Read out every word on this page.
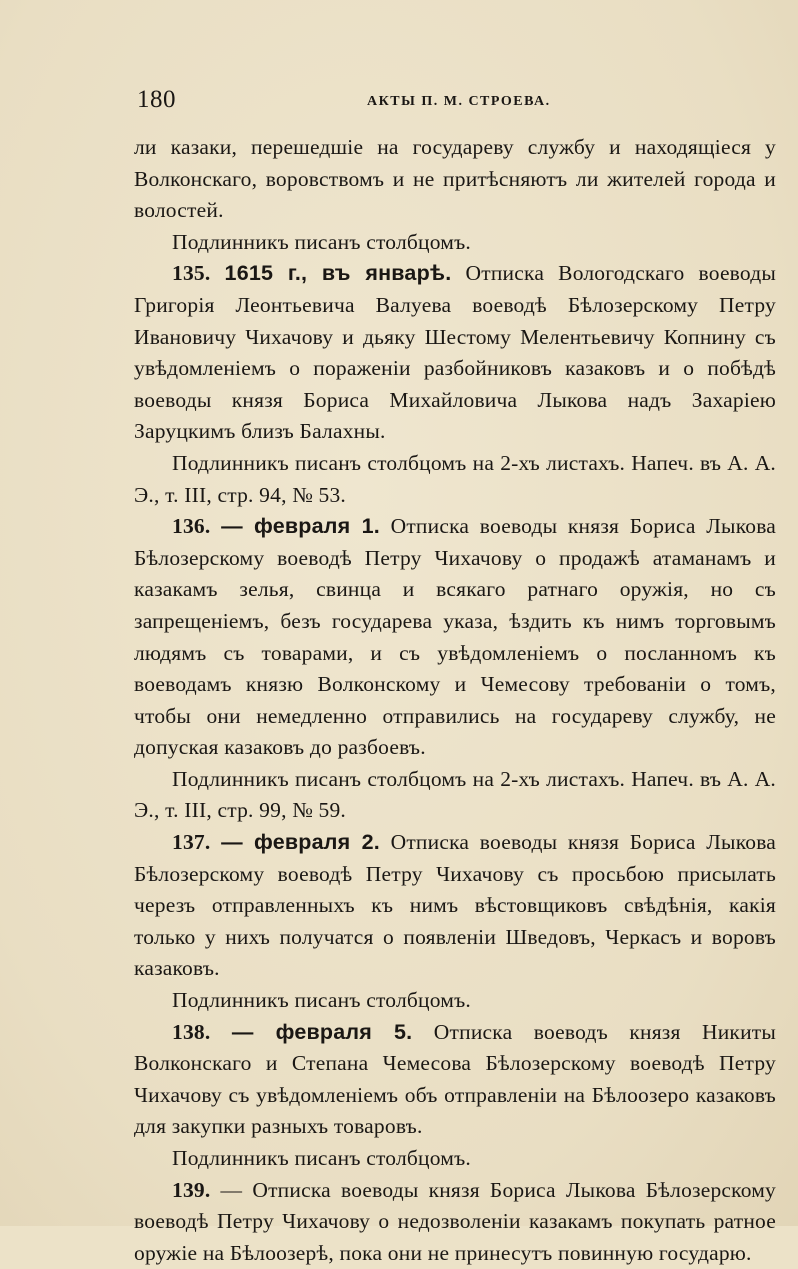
180	АКТЫ П. М. СТРОЕВА.

ли казаки, перешедшіе на государеву службу и находящіеся у Волконскаго, воровствомъ и не притѣсняютъ ли жителей города и волостей.

Подлинникъ писанъ столбцомъ.

135. 1615 г., въ январѣ. Отписка Вологодскаго воеводы Григорія Леонтьевича Валуева воеводѣ Бѣлозерскому Петру Ивановичу Чихачову и дьяку Шестому Мелентьевичу Копнину съ увѣдомленіемъ о пораженіи разбойниковъ казаковъ и о побѣдѣ воеводы князя Бориса Михайловича Лыкова надъ Захаріею Заруцкимъ близъ Балахны.

Подлинникъ писанъ столбцомъ на 2-хъ листахъ. Напеч. въ А. А. Э., т. III, стр. 94, № 53.

136. — февраля 1. Отписка воеводы князя Бориса Лыкова Бѣлозерскому воеводѣ Петру Чихачову о продажѣ атаманамъ и казакамъ зелья, свинца и всякаго ратнаго оружія, но съ запрещеніемъ, безъ государева указа, ѣздить къ нимъ торговымъ людямъ съ товарами, и съ увѣдомленіемъ о посланномъ къ воеводамъ князю Волконскому и Чемесову требованіи о томъ, чтобы они немедленно отправились на государеву службу, не допуская казаковъ до разбоевъ.

Подлинникъ писанъ столбцомъ на 2-хъ листахъ. Напеч. въ А. А. Э., т. III, стр. 99, № 59.

137. — февраля 2. Отписка воеводы князя Бориса Лыкова Бѣлозерскому воеводѣ Петру Чихачову съ просьбою присылать черезъ отправленныхъ къ нимъ вѣстовщиковъ свѣдѣнія, какія только у нихъ получатся о появленіи Шведовъ, Черкасъ и воровъ казаковъ.

Подлинникъ писанъ столбцомъ.

138. — февраля 5. Отписка воеводъ князя Никиты Волконскаго и Степана Чемесова Бѣлозерскому воеводѣ Петру Чихачову съ увѣдомленіемъ объ отправленіи на Бѣлоозеро казаковъ для закупки разныхъ товаровъ.

Подлинникъ писанъ столбцомъ.

139. — Отписка воеводы князя Бориса Лыкова Бѣлозерскому воеводѣ Петру Чихачову о недозволеніи казакамъ покупать ратное оружіе на Бѣлоозерѣ, пока они не принесутъ повинную государю.
